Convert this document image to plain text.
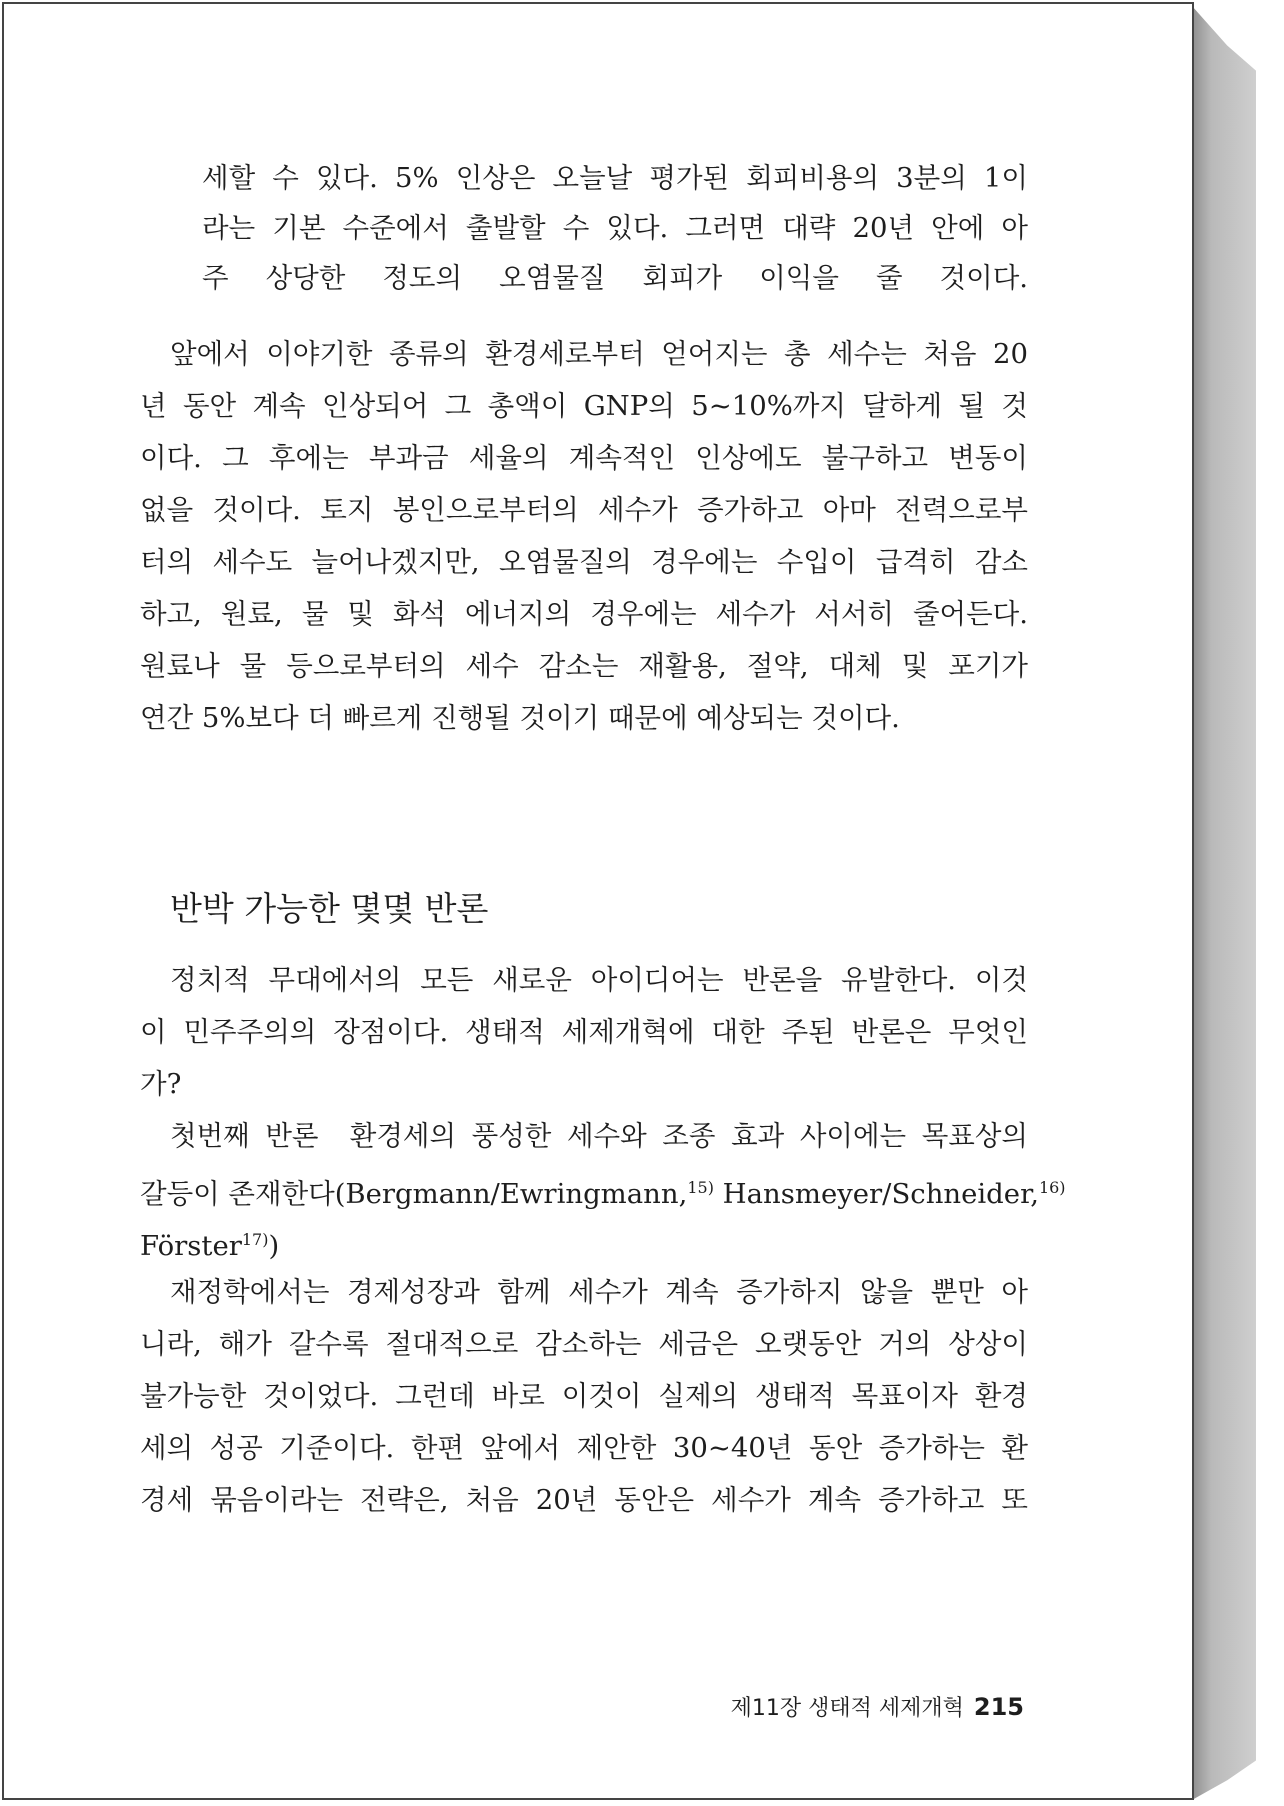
세할 수 있다. 5% 인상은 오늘날 평가된 회피비용의 3분의 1이

라는 기본 수준에서 출발할 수 있다. 그러면 대략 20년 안에 아

주 상당한 정도의 오염물질 회피가 이익을 줄 것이다.

앞에서 이야기한 종류의 환경세로부터 얻어지는 총 세수는 처음 20

년 동안 계속 인상되어 그 총액이 GNP의 5~10%까지 달하게 될 것

이다. 그 후에는 부과금 세율의 계속적인 인상에도 불구하고 변동이

없을 것이다. 토지 봉인으로부터의 세수가 증가하고 아마 전력으로부

터의 세수도 늘어나겠지만, 오염물질의 경우에는 수입이 급격히 감소

하고, 원료, 물 및 화석 에너지의 경우에는 세수가 서서히 줄어든다.

원료나 물 등으로부터의 세수 감소는 재활용, 절약, 대체 및 포기가

연간 5%보다 더 빠르게 진행될 것이기 때문에 예상되는 것이다.

반박 가능한 몇몇 반론

정치적 무대에서의 모든 새로운 아이디어는 반론을 유발한다. 이것

이 민주주의의 장점이다. 생태적 세제개혁에 대한 주된 반론은 무엇인

가?

첫번째 반론 환경세의 풍성한 세수와 조종 효과 사이에는 목표상의

갈등이 존재한다(Bergmann/Ewringmann,$^{15)}$ Hansmeyer/Schneider,$^{16)}$

Förster$^{17)}$)

재정학에서는 경제성장과 함께 세수가 계속 증가하지 않을 뿐만 아

니라, 해가 갈수록 절대적으로 감소하는 세금은 오랫동안 거의 상상이

불가능한 것이었다. 그런데 바로 이것이 실제의 생태적 목표이자 환경

세의 성공 기준이다. 한편 앞에서 제안한 30~40년 동안 증가하는 환

경세 묶음이라는 전략은, 처음 20년 동안은 세수가 계속 증가하고 또

제11장 생태적 세제개혁 215
